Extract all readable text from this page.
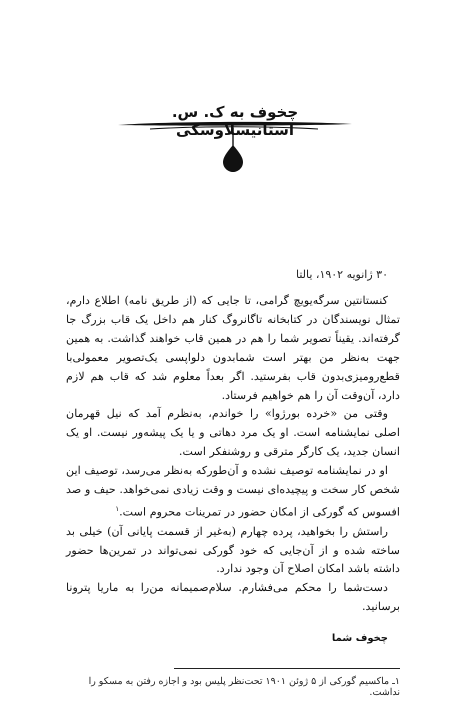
چخوف به ک. س. استانیسلاوسکی
۳۰ ژانویه ۱۹۰۲، یالتا

کنستانتین سرگه‌یویچ گرامی، تا جایی که (از طریق نامه) اطلاع دارم، تمثال نویسندگان در کتابخانه تاگانروگ کنار هم داخل یک قاب بزرگ جا گرفته‌اند. یقیناً تصویر شما را هم در همین قاب خواهند گذاشت. به همین جهت به‌نظر من بهتر است شمابدون دلواپسی یک‌تصویر معمولی‌با قطع‌رومیزی‌بدون قاب بفرستید. اگر بعداً معلوم شد که قاب هم لازم دارد، آن‌وقت آن را هم خواهیم فرستاد.

وقتی من «خرده بورژوا» را خواندم، به‌نظرم آمد که نیل قهرمان اصلی نمایشنامه است. او یک مرد دهاتی و یا یک پیشه‌ور نیست. او یک انسان جدید، یک کارگر مترقی و روشنفکر است.

او در نمایشنامه توصیف نشده و آن‌طورکه به‌نظر می‌رسد، توصیف این شخص کار سخت و پیچیده‌ای نیست و وقت زیادی نمی‌خواهد. حیف و صد افسوس که گورکی از امکان حضور در تمرینات محروم است.$^۱$

راستش را بخواهید، پرده چهارم (به‌غیر از قسمت پایانی آن) خیلی بد ساخته شده و از آن‌جایی که خود گورکی نمی‌تواند در تمرین‌ها حضور داشته باشد امکان اصلاح آن وجود ندارد.

دست‌شما را محکم می‌فشارم. سلام‌صمیمانه من‌را به ماریا پترونا برسانید.

چخوف شما
۱ـ ماکسیم گورکی از ۵ ژوئن ۱۹۰۱ تحت‌نظر پلیس بود و اجازه رفتن به مسکو را نداشت.
